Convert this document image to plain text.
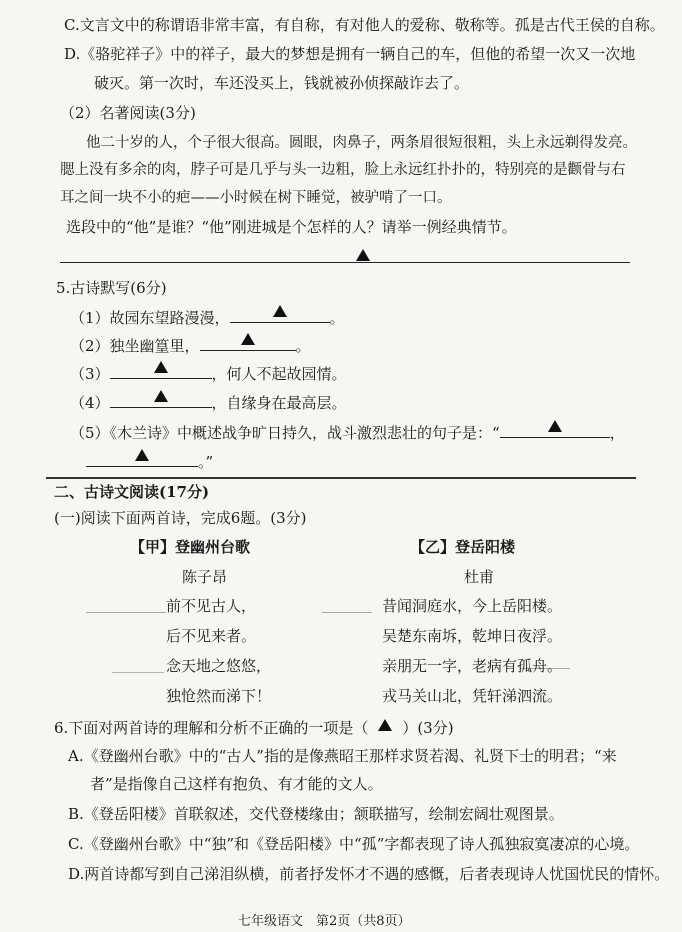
C.文言文中的称谓语非常丰富，有自称，有对他人的爱称、敬称等。孤是古代王侯的自称。
D.《骆驼祥子》中的祥子，最大的梦想是拥有一辆自己的车，但他的希望一次又一次地
破灭。第一次时，车还没买上，钱就被孙侦探敲诈去了。
（2）名著阅读(3分)
他二十岁的人，个子很大很高。圆眼，肉鼻子，两条眉很短很粗，头上永远剃得发亮。
腮上没有多余的肉，脖子可是几乎与头一边粗，脸上永远红扑扑的，特别亮的是颧骨与右
耳之间一块不小的疤——小时候在树下睡觉，被驴啃了一口。
选段中的“他”是谁？“他”刚进城是个怎样的人？请举一例经典情节。
5.古诗默写(6分)
（1）故园东望路漫漫，	。
（2）独坐幽篁里，	。
（3）	，何人不起故园情。
（4）	，自缘身在最高层。
（5）《木兰诗》中概述战争旷日持久，战斗激烈悲壮的句子是：“	，
。”
二、古诗文阅读(17分)
(一)阅读下面两首诗，完成6题。(3分)
【甲】登幽州台歌
陈子昂
前不见古人，
后不见来者。
念天地之悠悠，
独怆然而涕下！
【乙】登岳阳楼
杜甫
昔闻洞庭水，今上岳阳楼。
吴楚东南坼，乾坤日夜浮。
亲朋无一字，老病有孤舟。
戎马关山北，凭轩涕泗流。
6.下面对两首诗的理解和分析不正确的一项是（ ）(3分)
A.《登幽州台歌》中的“古人”指的是像燕昭王那样求贤若渴、礼贤下士的明君；“来
者”是指像自己这样有抱负、有才能的文人。
B.《登岳阳楼》首联叙述，交代登楼缘由；颔联描写，绘制宏阔壮观图景。
C.《登幽州台歌》中“独”和《登岳阳楼》中“孤”字都表现了诗人孤独寂寞凄凉的心境。
D.两首诗都写到自己涕泪纵横，前者抒发怀才不遇的感慨，后者表现诗人忧国忧民的情怀。
七年级语文　第2页（共8页）
